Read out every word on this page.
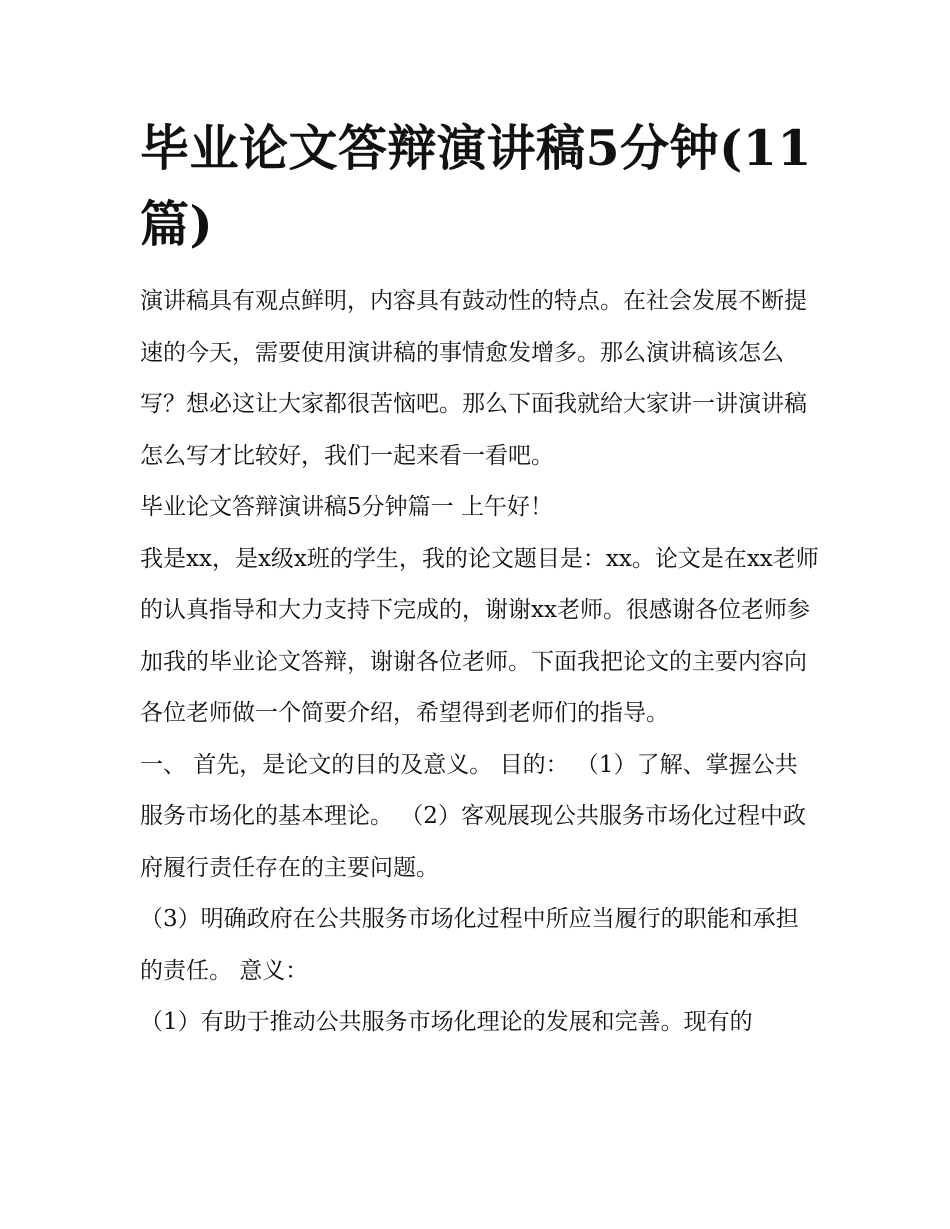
毕业论文答辩演讲稿5分钟(11篇)

演讲稿具有观点鲜明，内容具有鼓动性的特点。在社会发展不断提速的今天，需要使用演讲稿的事情愈发增多。那么演讲稿该怎么写？想必这让大家都很苦恼吧。那么下面我就给大家讲一讲演讲稿怎么写才比较好，我们一起来看一看吧。

毕业论文答辩演讲稿5分钟篇一 上午好！

我是xx，是x级x班的学生，我的论文题目是：xx。论文是在xx老师的认真指导和大力支持下完成的，谢谢xx老师。很感谢各位老师参加我的毕业论文答辩，谢谢各位老师。下面我把论文的主要内容向各位老师做一个简要介绍，希望得到老师们的指导。

一、 首先，是论文的目的及意义。 目的： （1）了解、掌握公共服务市场化的基本理论。 （2）客观展现公共服务市场化过程中政府履行责任存在的主要问题。

（3）明确政府在公共服务市场化过程中所应当履行的职能和承担的责任。 意义：

（1）有助于推动公共服务市场化理论的发展和完善。现有的
